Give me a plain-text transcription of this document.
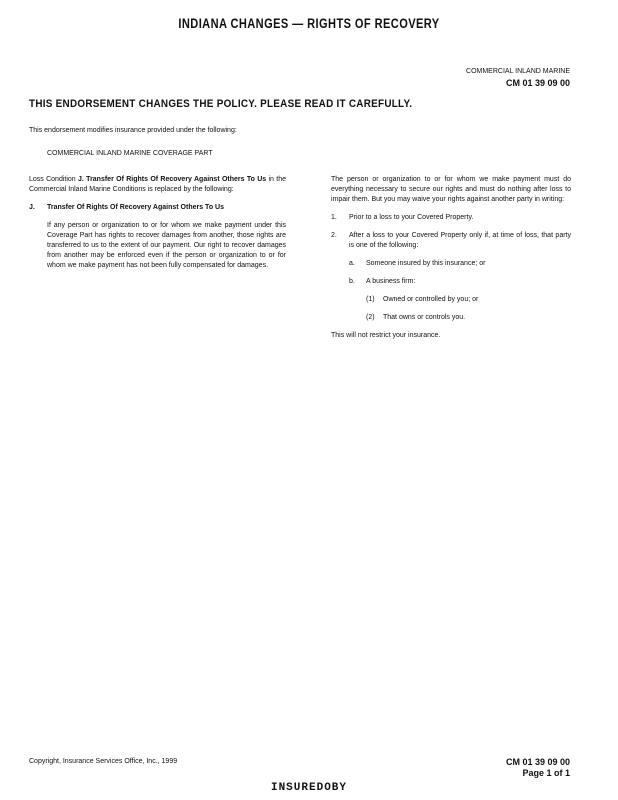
INDIANA CHANGES — RIGHTS OF RECOVERY
COMMERCIAL INLAND MARINE
CM 01 39 09 00
THIS ENDORSEMENT CHANGES THE POLICY. PLEASE READ IT CAREFULLY.
This endorsement modifies insurance provided under the following:
COMMERCIAL INLAND MARINE COVERAGE PART

Loss Condition J. Transfer Of Rights Of Recovery Against Others To Us in the Commercial Inland Marine Conditions is replaced by the following:

J.	Transfer Of Rights Of Recovery Against Others To Us

If any person or organization to or for whom we make payment under this Coverage Part has rights to recover damages from another, those rights are transferred to us to the extent of our payment. Our right to recover damages from another may be enforced even if the person or organization to or for whom we make payment has not been fully compensated for damages.

The person or organization to or for whom we make payment must do everything necessary to secure our rights and must do nothing after loss to impair them. But you may waive your rights against another party in writing:

1.	Prior to a loss to your Covered Property.
2.	After a loss to your Covered Property only if, at time of loss, that party is one of the following:
a.	Someone insured by this insurance; or
b.	A business firm:
(1)	Owned or controlled by you; or
(2)	That owns or controls you.

This will not restrict your insurance.

Copyright, Insurance Services Office, Inc., 1999	CM 01 39 09 00
Page 1 of 1
INSUREDOBY
